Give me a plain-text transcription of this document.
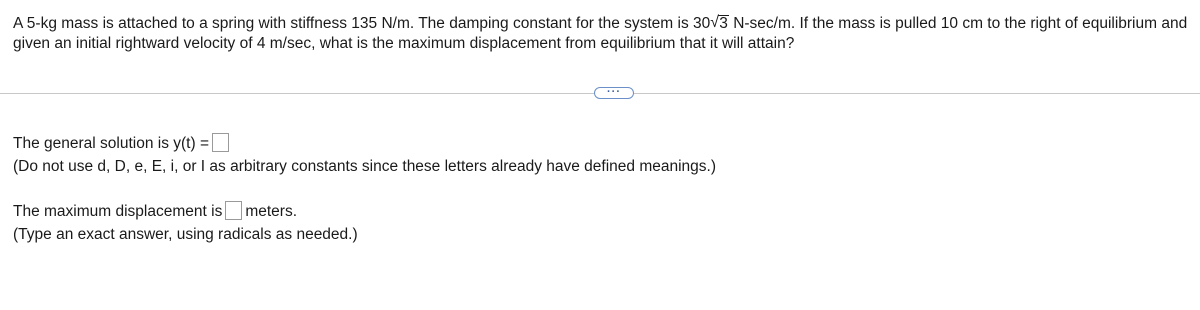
A 5-kg mass is attached to a spring with stiffness 135 N/m. The damping constant for the system is 30 √ 3 N-sec/m. If the mass is pulled 10 cm to the right of equilibrium and given an initial rightward velocity of 4 m/sec, what is the maximum displacement from equilibrium that it will attain?
···
The general solution is y(t) =
(Do not use d, D, e, E, i, or I as arbitrary constants since these letters already have defined meanings.)
The maximum displacement is meters.
(Type an exact answer, using radicals as needed.)
